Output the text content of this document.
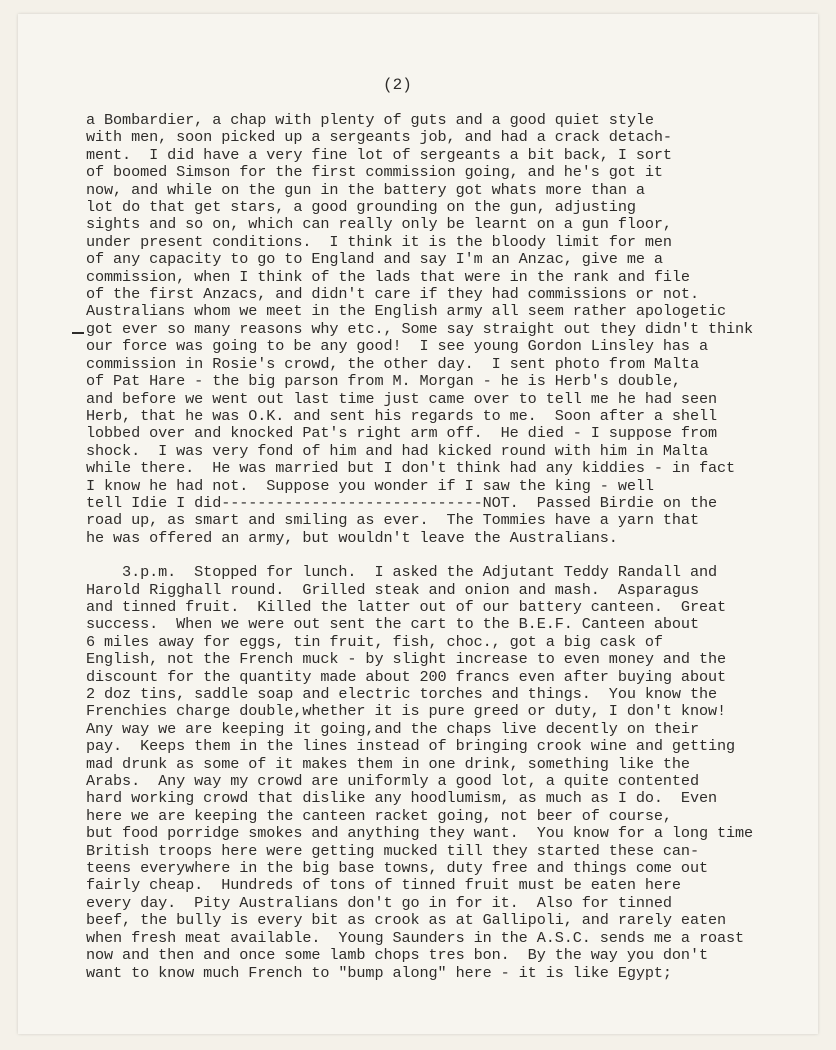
(2)
a Bombardier, a chap with plenty of guts and a good quiet style
with men, soon picked up a sergeants job, and had a crack detach-
ment.  I did have a very fine lot of sergeants a bit back, I sort
of boomed Simson for the first commission going, and he's got it
now, and while on the gun in the battery got whats more than a
lot do that get stars, a good grounding on the gun, adjusting
sights and so on, which can really only be learnt on a gun floor,
under present conditions.  I think it is the bloody limit for men
of any capacity to go to England and say I'm an Anzac, give me a
commission, when I think of the lads that were in the rank and file
of the first Anzacs, and didn't care if they had commissions or not.
Australians whom we meet in the English army all seem rather apologetic
got ever so many reasons why etc., Some say straight out they didn't think
our force was going to be any good!  I see young Gordon Linsley has a
commission in Rosie's crowd, the other day.  I sent photo from Malta
of Pat Hare - the big parson from M. Morgan - he is Herb's double,
and before we went out last time just came over to tell me he had seen
Herb, that he was O.K. and sent his regards to me.  Soon after a shell
lobbed over and knocked Pat's right arm off.  He died - I suppose from
shock.  I was very fond of him and had kicked round with him in Malta
while there.  He was married but I don't think had any kiddies - in fact
I know he had not.  Suppose you wonder if I saw the king - well
tell Idie I did-----------------------------NOT.  Passed Birdie on the
road up, as smart and smiling as ever.  The Tommies have a yarn that
he was offered an army, but wouldn't leave the Australians.
3.p.m.  Stopped for lunch.  I asked the Adjutant Teddy Randall and
Harold Rigghall round.  Grilled steak and onion and mash.  Asparagus
and tinned fruit.  Killed the latter out of our battery canteen.  Great
success.  When we were out sent the cart to the B.E.F. Canteen about
6 miles away for eggs, tin fruit, fish, choc., got a big cask of
English, not the French muck - by slight increase to even money and the
discount for the quantity made about 200 francs even after buying about
2 doz tins, saddle soap and electric torches and things.  You know the
Frenchies charge double,whether it is pure greed or duty, I don't know!
Any way we are keeping it going,and the chaps live decently on their
pay.  Keeps them in the lines instead of bringing crook wine and getting
mad drunk as some of it makes them in one drink, something like the
Arabs.  Any way my crowd are uniformly a good lot, a quite contented
hard working crowd that dislike any hoodlumism, as much as I do.  Even
here we are keeping the canteen racket going, not beer of course,
but food porridge smokes and anything they want.  You know for a long time
British troops here were getting mucked till they started these can-
teens everywhere in the big base towns, duty free and things come out
fairly cheap.  Hundreds of tons of tinned fruit must be eaten here
every day.  Pity Australians don't go in for it.  Also for tinned
beef, the bully is every bit as crook as at Gallipoli, and rarely eaten
when fresh meat available.  Young Saunders in the A.S.C. sends me a roast
now and then and once some lamb chops tres bon.  By the way you don't
want to know much French to "bump along" here - it is like Egypt;
